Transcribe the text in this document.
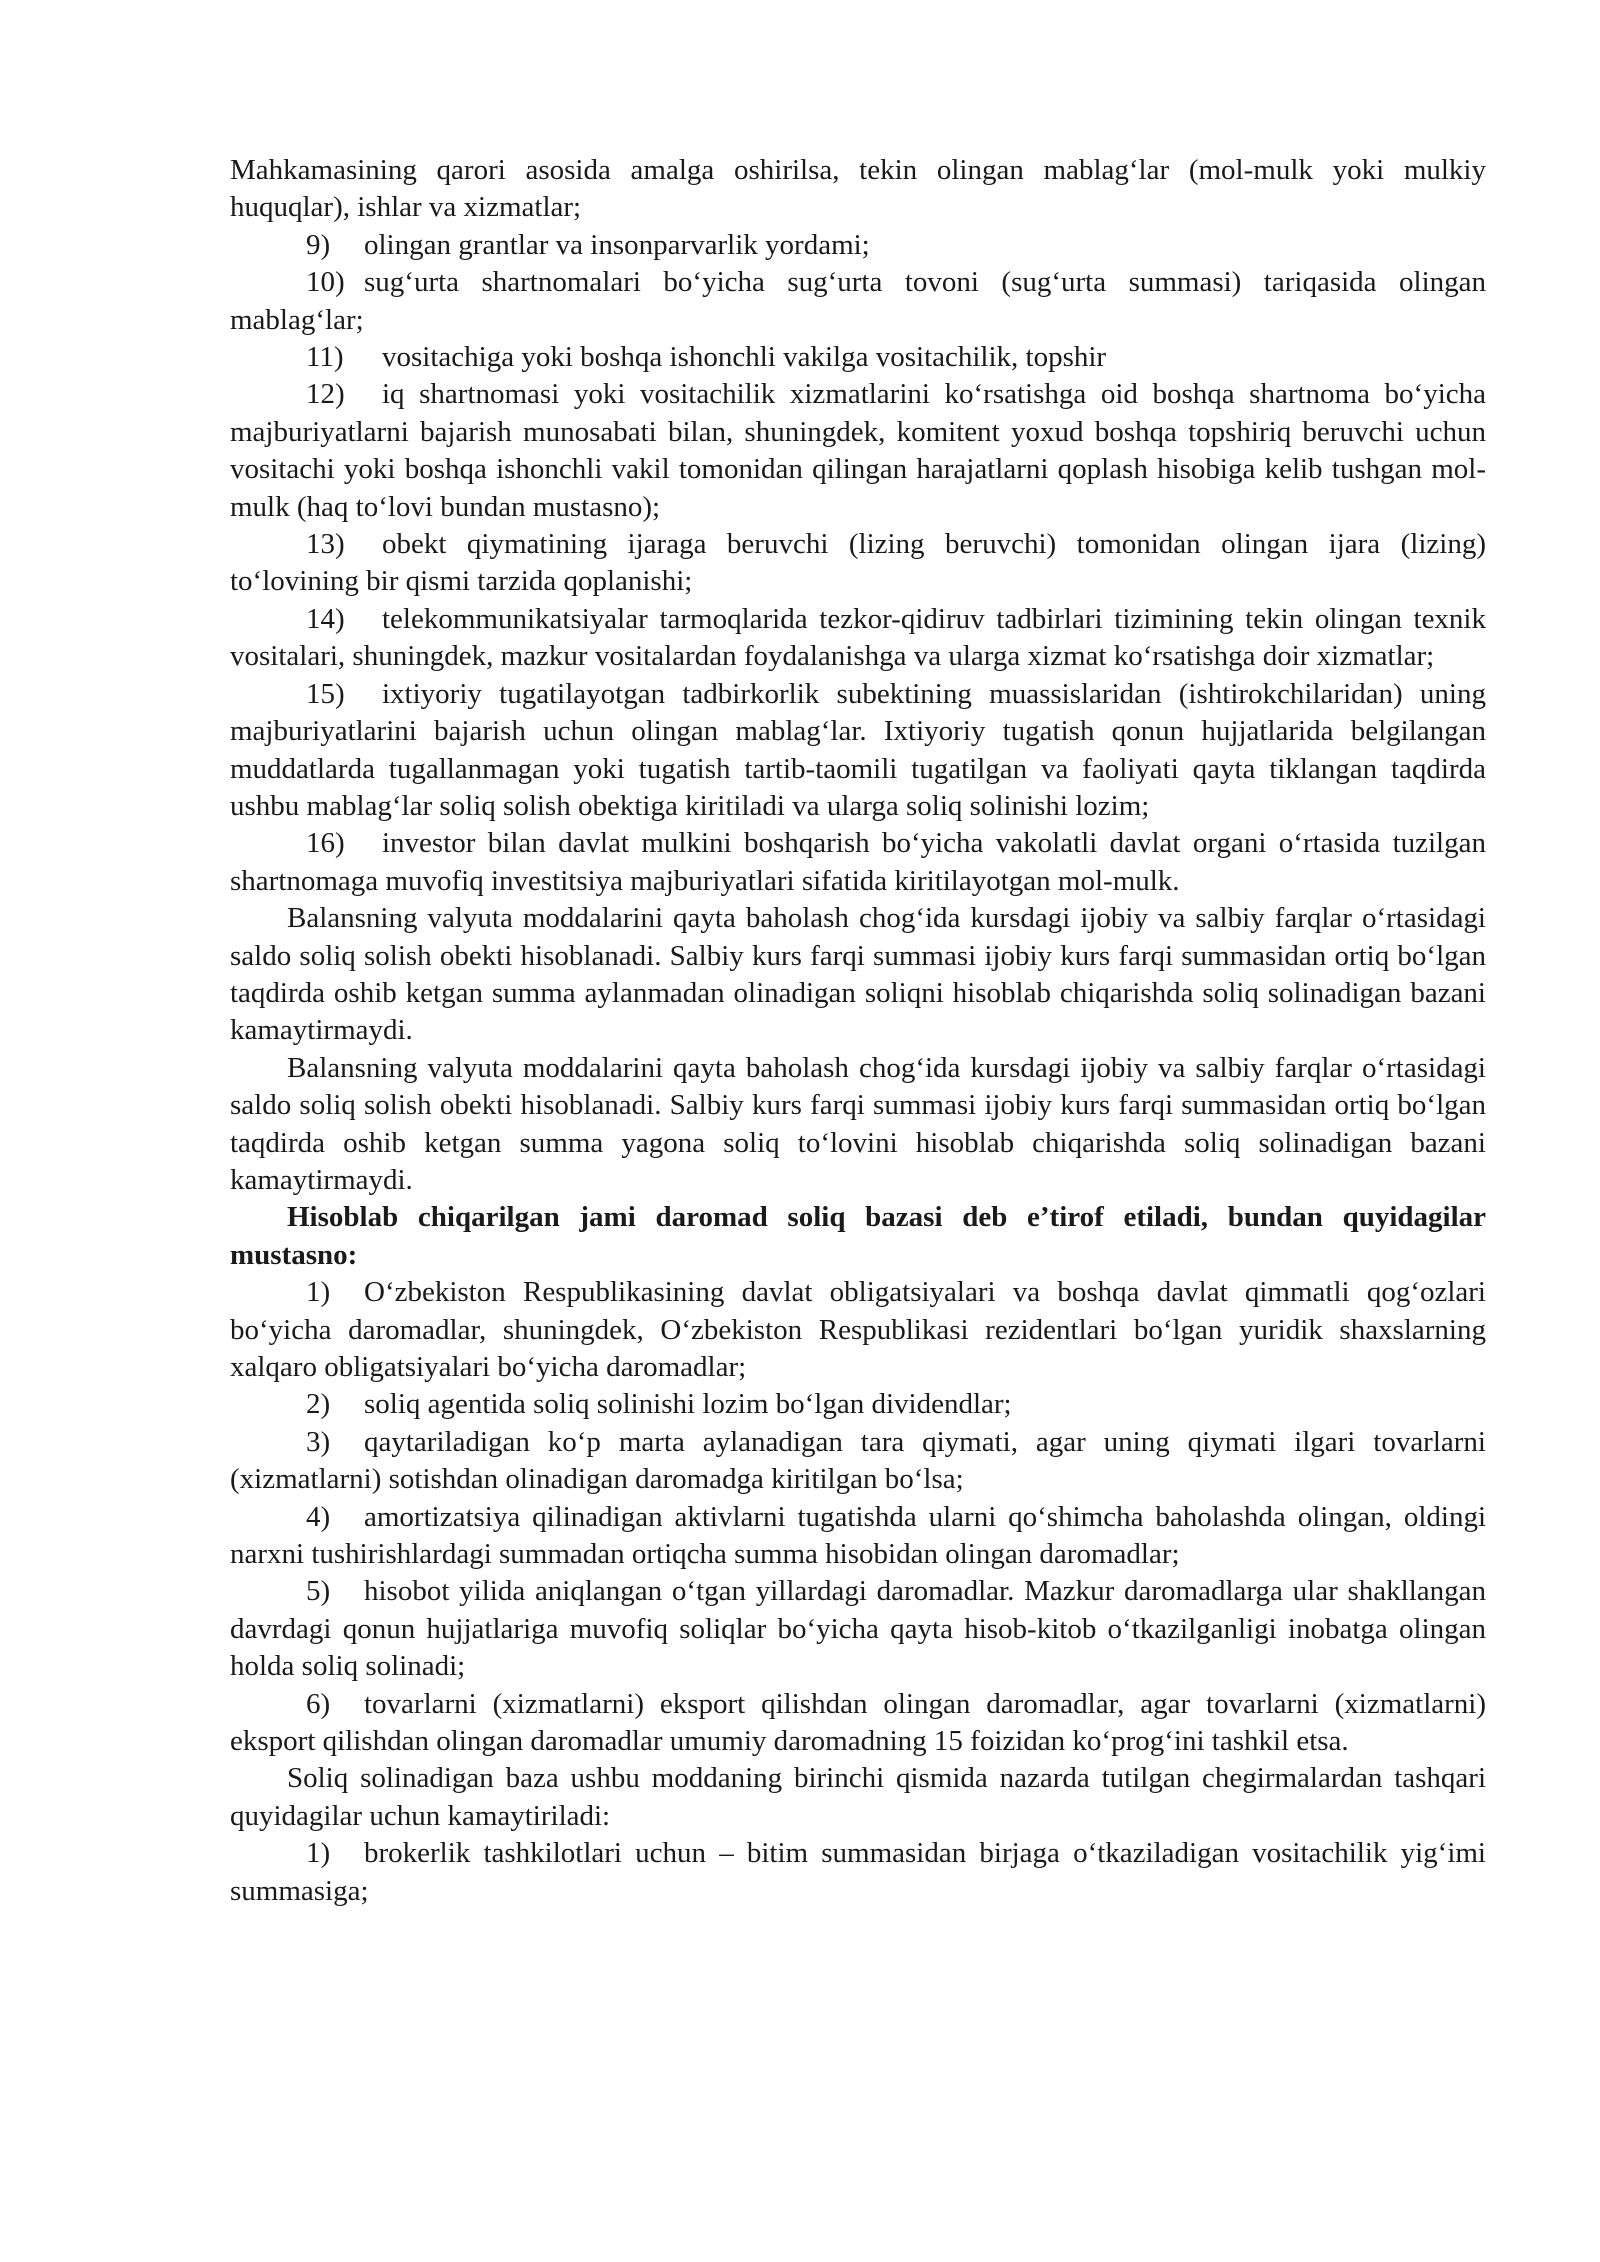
Mahkamasining qarori asosida amalga oshirilsa, tekin olingan mablag‘lar (mol-mulk yoki mulkiy huquqlar), ishlar va xizmatlar;

9) olingan grantlar va insonparvarlik yordami;

10) sug‘urta shartnomalari bo‘yicha sug‘urta tovoni (sug‘urta summasi) tariqasida olingan mablag‘lar;

11) vositachiga yoki boshqa ishonchli vakilga vositachilik, topshir

12) iq shartnomasi yoki vositachilik xizmatlarini ko‘rsatishga oid boshqa shartnoma bo‘yicha majburiyatlarni bajarish munosabati bilan, shuningdek, komitent yoxud boshqa topshiriq beruvchi uchun vositachi yoki boshqa ishonchli vakil tomonidan qilingan harajatlarni qoplash hisobiga kelib tushgan mol-mulk (haq to‘lovi bundan mustasno);

13) obekt qiymatining ijaraga beruvchi (lizing beruvchi) tomonidan olingan ijara (lizing) to‘lovining bir qismi tarzida qoplanishi;

14) telekommunikatsiyalar tarmoqlarida tezkor-qidiruv tadbirlari tizimining tekin olingan texnik vositalari, shuningdek, mazkur vositalardan foydalanishga va ularga xizmat ko‘rsatishga doir xizmatlar;

15) ixtiyoriy tugatilayotgan tadbirkorlik subektining muassislaridan (ishtirokchilaridan) uning majburiyatlarini bajarish uchun olingan mablag‘lar. Ixtiyoriy tugatish qonun hujjatlarida belgilangan muddatlarda tugallanmagan yoki tugatish tartib-taomili tugatilgan va faoliyati qayta tiklangan taqdirda ushbu mablag‘lar soliq solish obektiga kiritiladi va ularga soliq solinishi lozim;

16) investor bilan davlat mulkini boshqarish bo‘yicha vakolatli davlat organi o‘rtasida tuzilgan shartnomaga muvofiq investitsiya majburiyatlari sifatida kiritilayotgan mol-mulk.

Balansning valyuta moddalarini qayta baholash chog‘ida kursdagi ijobiy va salbiy farqlar o‘rtasidagi saldo soliq solish obekti hisoblanadi. Salbiy kurs farqi summasi ijobiy kurs farqi summasidan ortiq bo‘lgan taqdirda oshib ketgan summa aylanmadan olinadigan soliqni hisoblab chiqarishda soliq solinadigan bazani kamaytirmaydi.

Balansning valyuta moddalarini qayta baholash chog‘ida kursdagi ijobiy va salbiy farqlar o‘rtasidagi saldo soliq solish obekti hisoblanadi. Salbiy kurs farqi summasi ijobiy kurs farqi summasidan ortiq bo‘lgan taqdirda oshib ketgan summa yagona soliq to‘lovini hisoblab chiqarishda soliq solinadigan bazani kamaytirmaydi.

Hisoblab chiqarilgan jami daromad soliq bazasi deb e’tirof etiladi, bundan quyidagilar mustasno:

1) O‘zbekiston Respublikasining davlat obligatsiyalari va boshqa davlat qimmatli qog‘ozlari bo‘yicha daromadlar, shuningdek, O‘zbekiston Respublikasi rezidentlari bo‘lgan yuridik shaxslarning xalqaro obligatsiyalari bo‘yicha daromadlar;

2) soliq agentida soliq solinishi lozim bo‘lgan dividendlar;

3) qaytariladigan ko‘p marta aylanadigan tara qiymati, agar uning qiymati ilgari tovarlarni (xizmatlarni) sotishdan olinadigan daromadga kiritilgan bo‘lsa;

4) amortizatsiya qilinadigan aktivlarni tugatishda ularni qo‘shimcha baholashda olingan, oldingi narxni tushirishlardagi summadan ortiqcha summa hisobidan olingan daromadlar;

5) hisobot yilida aniqlangan o‘tgan yillardagi daromadlar. Mazkur daromadlarga ular shakllangan davrdagi qonun hujjatlariga muvofiq soliqlar bo‘yicha qayta hisob-kitob o‘tkazilganligi inobatga olingan holda soliq solinadi;

6) tovarlarni (xizmatlarni) eksport qilishdan olingan daromadlar, agar tovarlarni (xizmatlarni) eksport qilishdan olingan daromadlar umumiy daromadning 15 foizidan ko‘prog‘ini tashkil etsa.

Soliq solinadigan baza ushbu moddaning birinchi qismida nazarda tutilgan chegirmalardan tashqari quyidagilar uchun kamaytiriladi:

1) brokerlik tashkilotlari uchun – bitim summasidan birjaga o‘tkaziladigan vositachilik yig‘imi summasiga;
